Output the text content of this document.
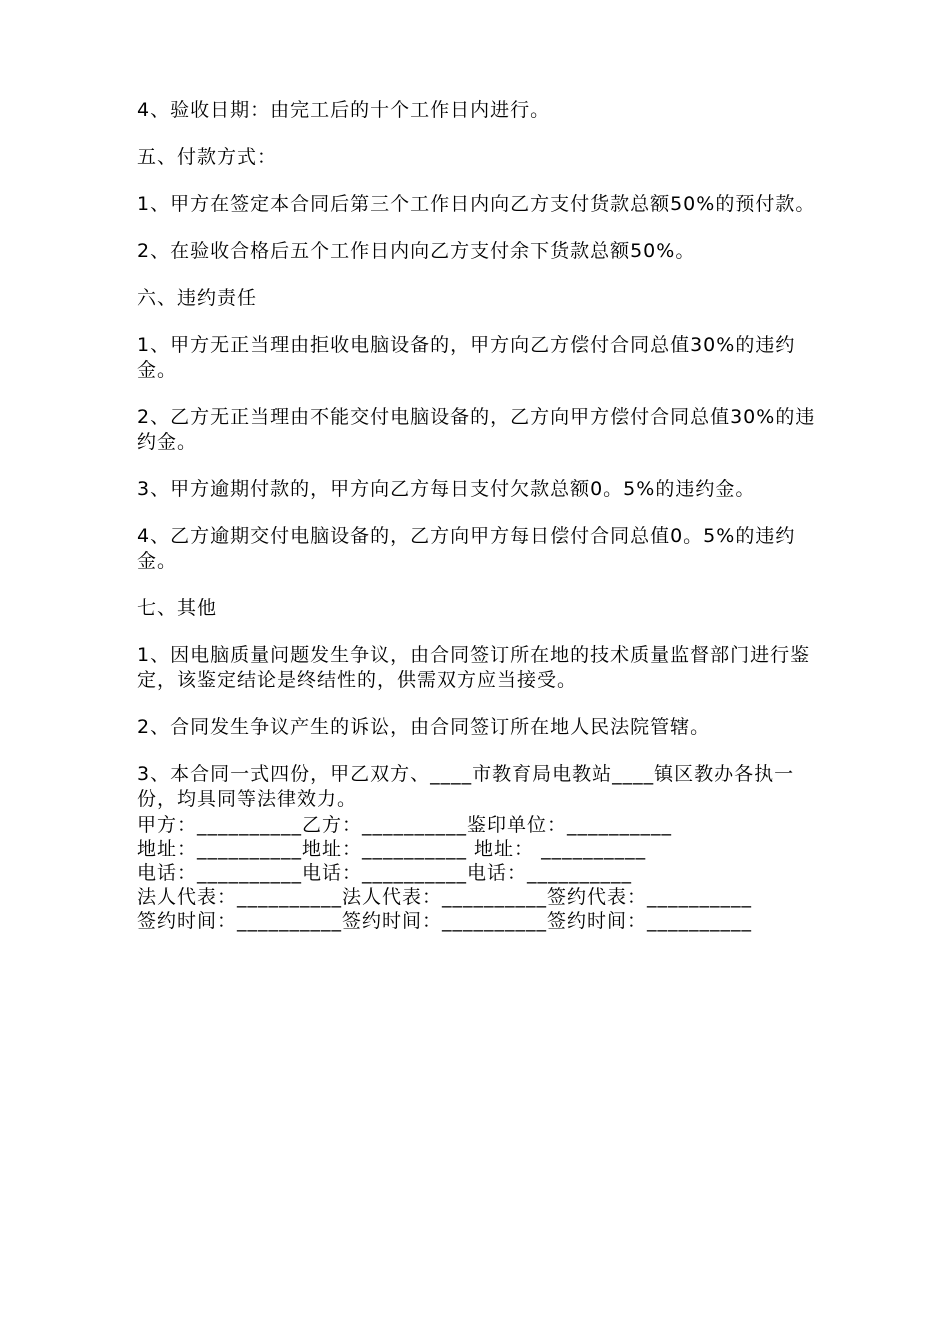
4、验收日期：由完工后的十个工作日内进行。

五、付款方式：

1、甲方在签定本合同后第三个工作日内向乙方支付货款总额50%的预付款。

2、在验收合格后五个工作日内向乙方支付余下货款总额50%。

六、违约责任

1、甲方无正当理由拒收电脑设备的，甲方向乙方偿付合同总值30%的违约金。

2、乙方无正当理由不能交付电脑设备的，乙方向甲方偿付合同总值30%的违约金。

3、甲方逾期付款的，甲方向乙方每日支付欠款总额0。5%的违约金。

4、乙方逾期交付电脑设备的，乙方向甲方每日偿付合同总值0。5%的违约金。

七、其他

1、因电脑质量问题发生争议，由合同签订所在地的技术质量监督部门进行鉴定，该鉴定结论是终结性的，供需双方应当接受。

2、合同发生争议产生的诉讼，由合同签订所在地人民法院管辖。

3、本合同一式四份，甲乙双方、____市教育局电教站____镇区教办各执一份，均具同等法律效力。

甲方：__________乙方：__________鉴印单位：__________
地址：__________地址：__________ 地址： __________
电话：__________电话：__________电话：__________
法人代表：__________法人代表：__________签约代表：__________
签约时间：__________签约时间：__________签约时间：__________
